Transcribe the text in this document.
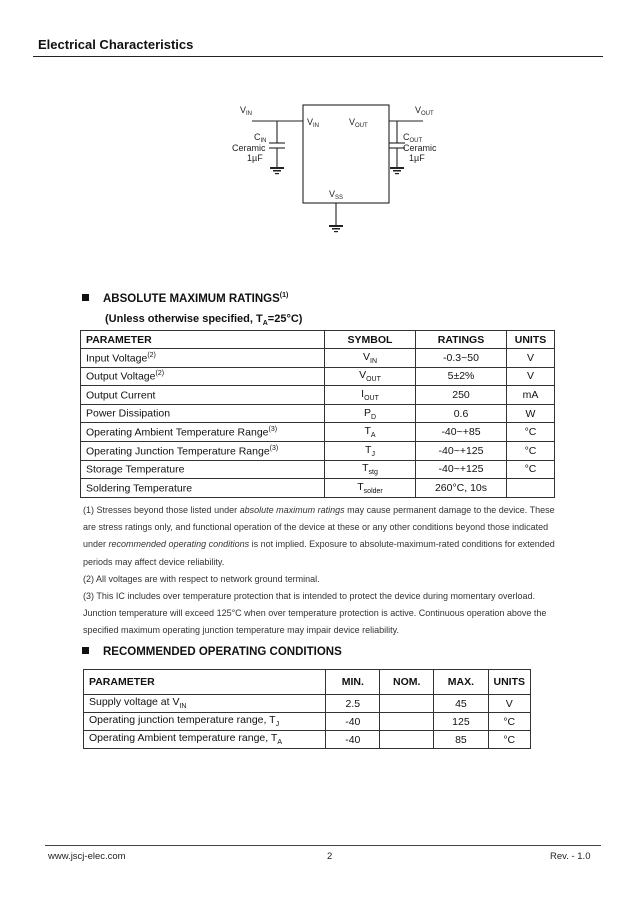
Electrical Characteristics
$V_{IN}$	$V_{OUT}$
$V_{IN}$	$V_{OUT}$
$V_{SS}$
$C_{IN}$
Ceramic
1µF
$C_{OUT}$
Ceramic
1µF
ABSOLUTE MAXIMUM RATINGS$^{(1)}$
(Unless otherwise specified, $T_A=25^\circ C$)
PARAMETER	SYMBOL	RATINGS	UNITS
Input Voltage$^{(2)}$	$V_{IN}$	-0.3~50	V
Output Voltage$^{(2)}$	$V_{OUT}$	5±2%	V
Output Current	$I_{OUT}$	250	mA
Power Dissipation	$P_D$	0.6	W
Operating Ambient Temperature Range$^{(3)}$	$T_A$	-40~+85	°C
Operating Junction Temperature Range$^{(3)}$	$T_J$	-40~+125	°C
Storage Temperature	$T_{stg}$	-40~+125	°C
Soldering Temperature	$T_{solder}$	260°C, 10s	

(1) Stresses beyond those listed under absolute maximum ratings may cause permanent damage to the device. These are stress ratings only, and functional operation of the device at these or any other conditions beyond those indicated under recommended operating conditions is not implied. Exposure to absolute-maximum-rated conditions for extended periods may affect device reliability.

(2) All voltages are with respect to network ground terminal.

(3) This IC includes over temperature protection that is intended to protect the device during momentary overload. Junction temperature will exceed 125°C when over temperature protection is active. Continuous operation above the specified maximum operating junction temperature may impair device reliability.

RECOMMENDED OPERATING CONDITIONS
PARAMETER	MIN.	NOM.	MAX.	UNITS
Supply voltage at $V_{IN}$	2.5		45	V
Operating junction temperature range, $T_J$	-40		125	°C
Operating Ambient temperature range, $T_A$	-40		85	°C
www.jscj-elec.com	2	Rev. - 1.0
